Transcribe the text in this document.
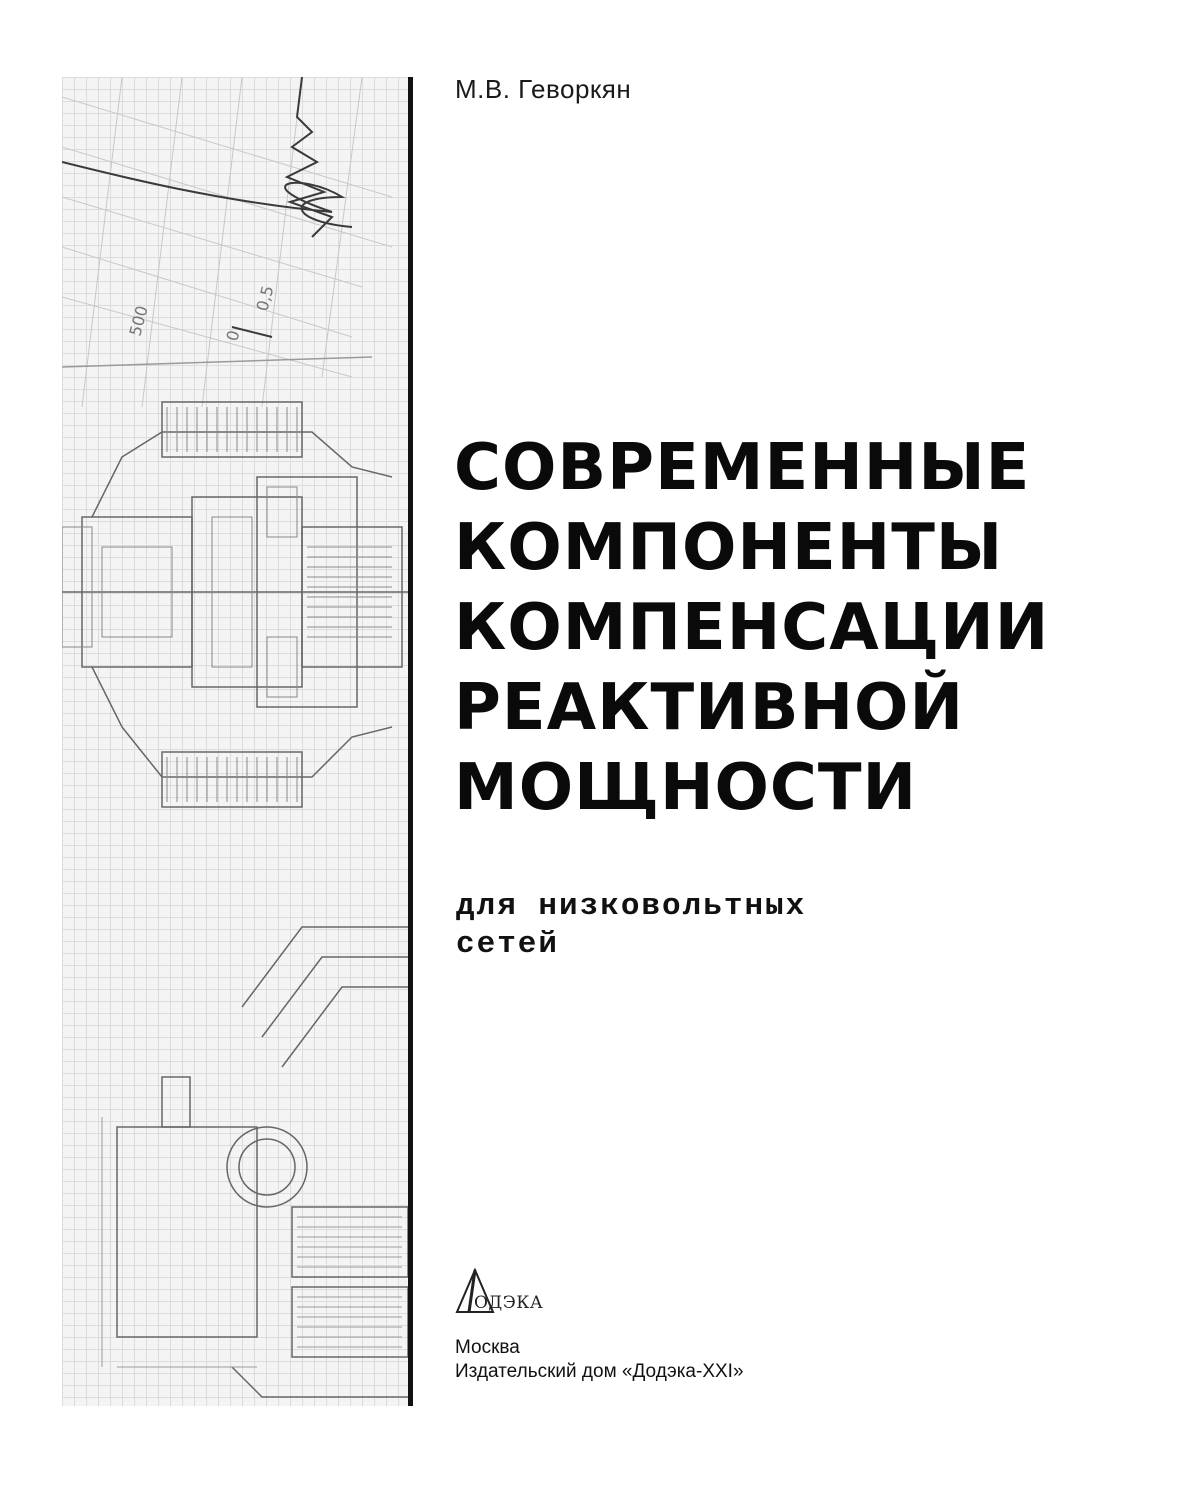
500	0
0,5
М.В. Геворкян
СОВРЕМЕННЫЕ
КОМПОНЕНТЫ
КОМПЕНСАЦИИ
РЕАКТИВНОЙ
МОЩНОСТИ
для низковольтных
сетей
ОДЭКА
Москва
Издательский дом «Додэка-XXI»
